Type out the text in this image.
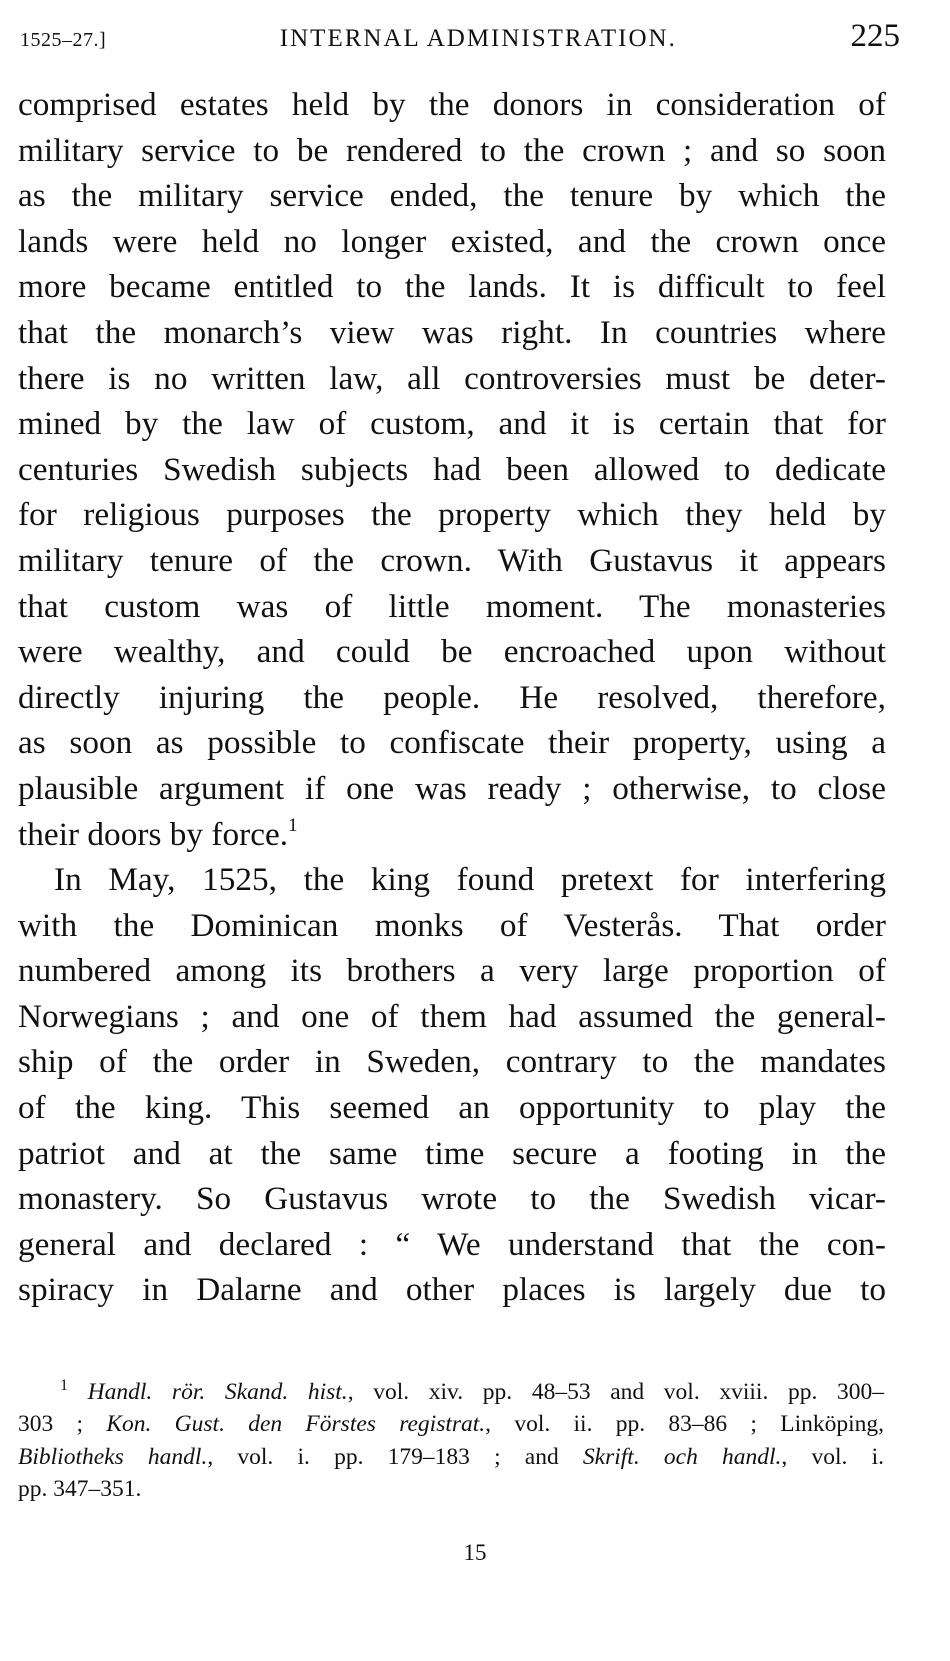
1525–27.]	INTERNAL ADMINISTRATION.	225
comprised estates held by the donors in consideration of
military service to be rendered to the crown ; and so soon
as the military service ended, the tenure by which the
lands were held no longer existed, and the crown once
more became entitled to the lands. It is difficult to feel
that the monarch’s view was right. In countries where
there is no written law, all controversies must be deter-
mined by the law of custom, and it is certain that for
centuries Swedish subjects had been allowed to dedicate
for religious purposes the property which they held by
military tenure of the crown. With Gustavus it appears
that custom was of little moment. The monasteries
were wealthy, and could be encroached upon without
directly injuring the people. He resolved, therefore,
as soon as possible to confiscate their property, using a
plausible argument if one was ready ; otherwise, to close
their doors by force.$^1$
In May, 1525, the king found pretext for interfering
with the Dominican monks of Vesterås. That order
numbered among its brothers a very large proportion of
Norwegians ; and one of them had assumed the general-
ship of the order in Sweden, contrary to the mandates
of the king. This seemed an opportunity to play the
patriot and at the same time secure a footing in the
monastery. So Gustavus wrote to the Swedish vicar-
general and declared : “ We understand that the con-
spiracy in Dalarne and other places is largely due to
$^1$ Handl. rör. Skand. hist., vol. xiv. pp. 48–53 and vol. xviii. pp. 300–
303 ; Kon. Gust. den Förstes registrat., vol. ii. pp. 83–86 ; Linköping,
Bibliotheks handl., vol. i. pp. 179–183 ; and Skrift. och handl., vol. i.
pp. 347–351.
15
